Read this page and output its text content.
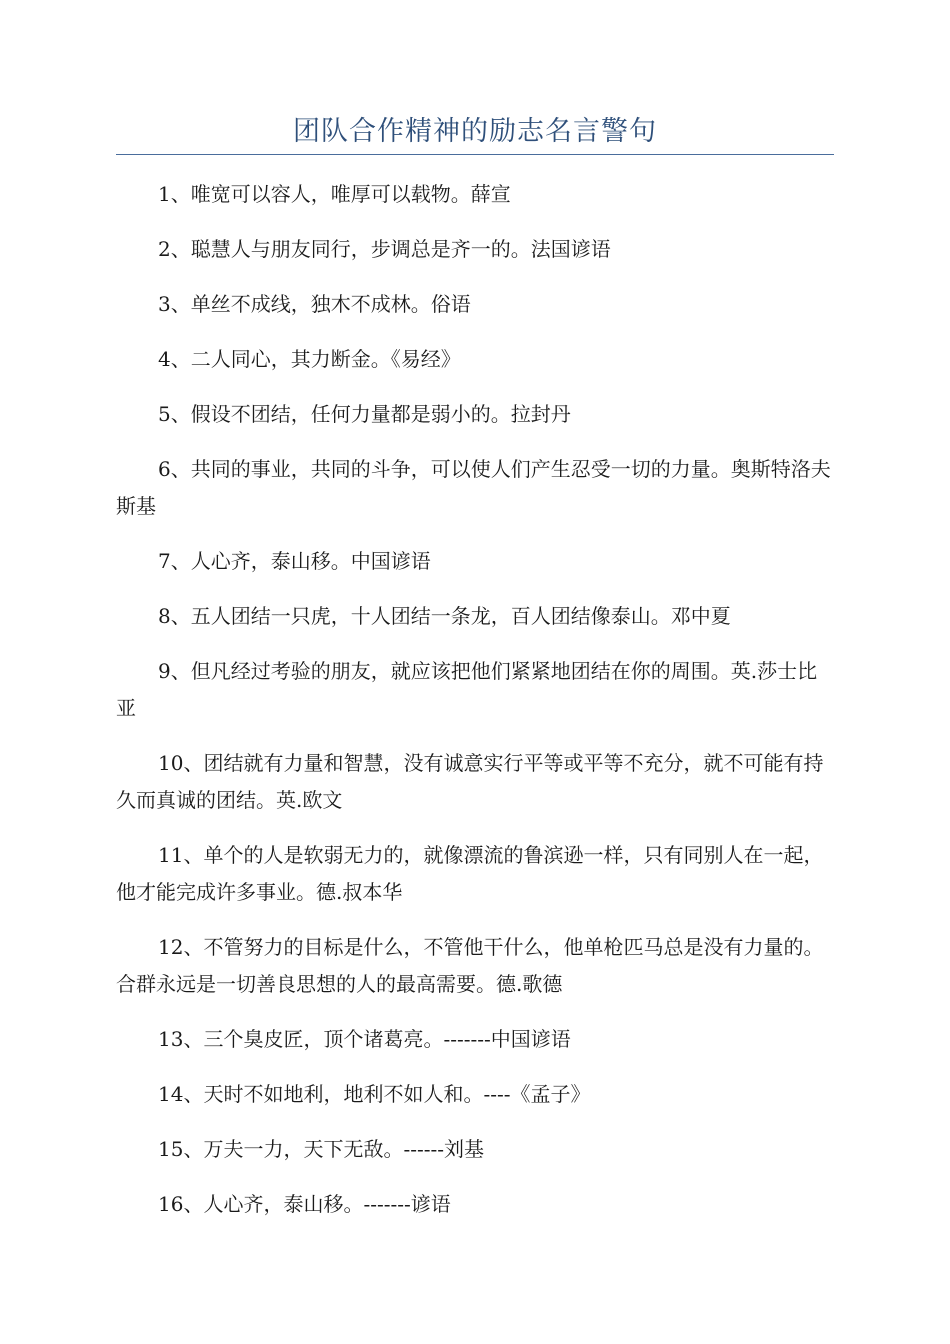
团队合作精神的励志名言警句
1、唯宽可以容人，唯厚可以载物。薛宣
2、聪慧人与朋友同行，步调总是齐一的。法国谚语
3、单丝不成线，独木不成林。俗语
4、二人同心，其力断金。《易经》
5、假设不团结，任何力量都是弱小的。拉封丹
6、共同的事业，共同的斗争，可以使人们产生忍受一切的力量。奥斯特洛夫斯基
7、人心齐，泰山移。中国谚语
8、五人团结一只虎，十人团结一条龙，百人团结像泰山。邓中夏
9、但凡经过考验的朋友，就应该把他们紧紧地团结在你的周围。英.莎士比亚
10、团结就有力量和智慧，没有诚意实行平等或平等不充分，就不可能有持久而真诚的团结。英.欧文
11、单个的人是软弱无力的，就像漂流的鲁滨逊一样，只有同别人在一起，他才能完成许多事业。德.叔本华
12、不管努力的目标是什么，不管他干什么，他单枪匹马总是没有力量的。合群永远是一切善良思想的人的最高需要。德.歌德
13、三个臭皮匠，顶个诸葛亮。-------中国谚语
14、天时不如地利，地利不如人和。----《孟子》
15、万夫一力，天下无敌。------刘基
16、人心齐，泰山移。-------谚语
